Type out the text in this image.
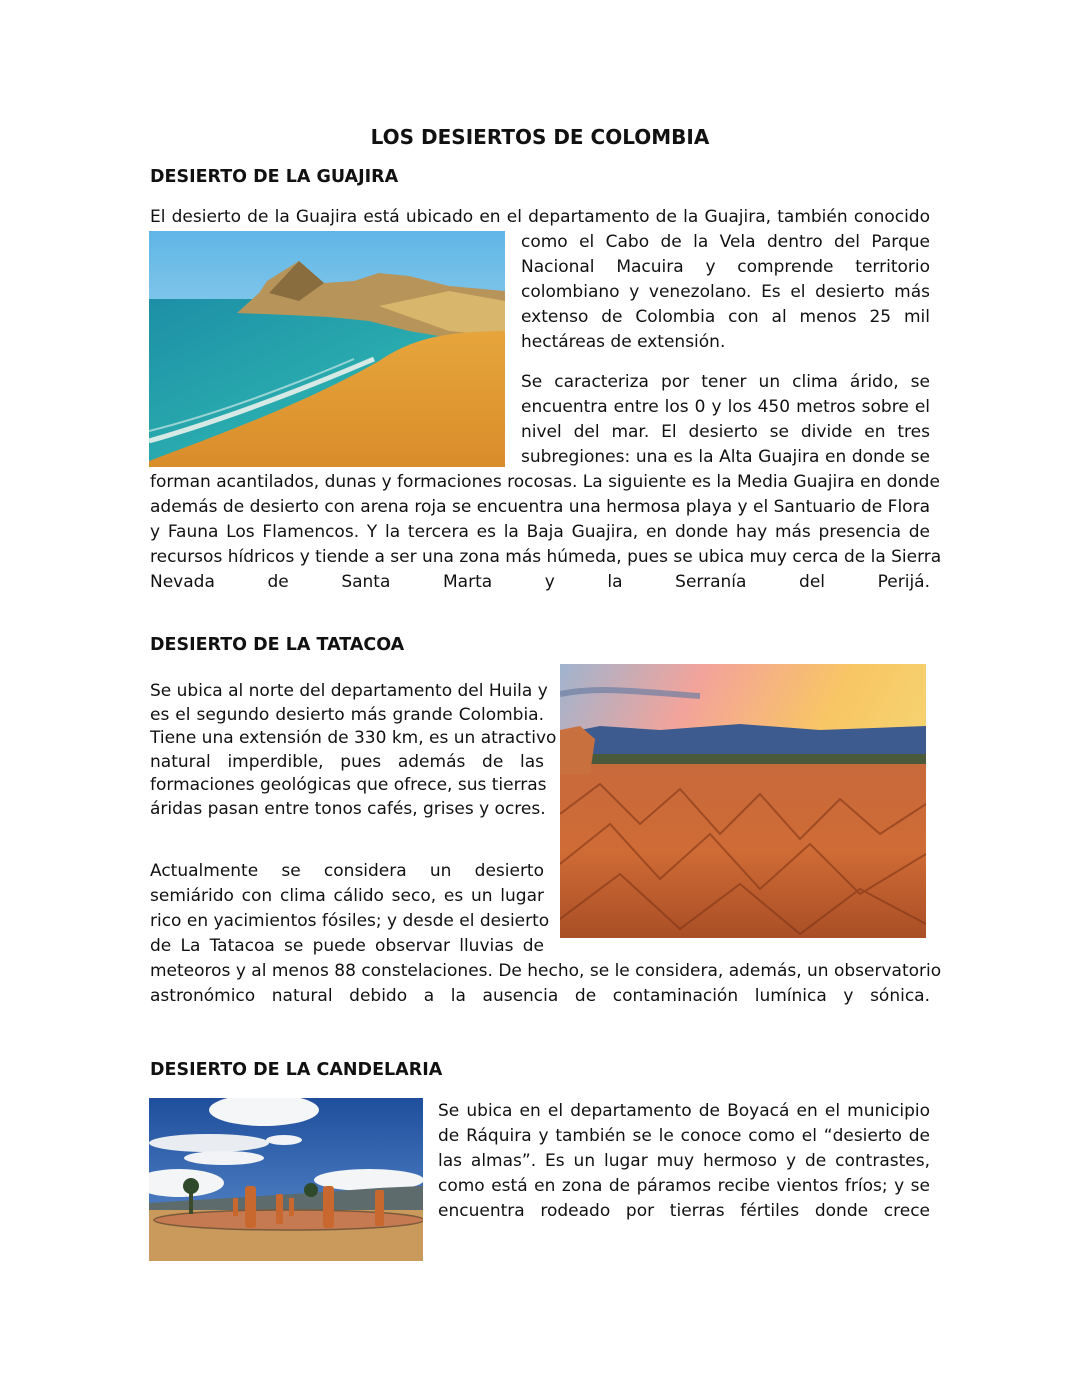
LOS DESIERTOS DE COLOMBIA
DESIERTO DE LA GUAJIRA
El desierto de la Guajira está ubicado en el departamento de la Guajira, también conocido
como el Cabo de la Vela dentro del Parque
Nacional Macuira y comprende territorio
colombiano y venezolano. Es el desierto más
extenso de Colombia con al menos 25 mil
hectáreas de extensión.
Se caracteriza por tener un clima árido, se
encuentra entre los 0 y los 450 metros sobre el
nivel del mar. El desierto se divide en tres
subregiones: una es la Alta Guajira en donde se
forman acantilados, dunas y formaciones rocosas. La siguiente es la Media Guajira en donde
además de desierto con arena roja se encuentra una hermosa playa y el Santuario de Flora
y Fauna Los Flamencos. Y la tercera es la Baja Guajira, en donde hay más presencia de
recursos hídricos y tiende a ser una zona más húmeda, pues se ubica muy cerca de la Sierra
Nevada de Santa Marta y la Serranía del Perijá.
DESIERTO DE LA TATACOA
Se ubica al norte del departamento del Huila y
es el segundo desierto más grande Colombia.
Tiene una extensión de 330 km, es un atractivo
natural imperdible, pues además de las
formaciones geológicas que ofrece, sus tierras
áridas pasan entre tonos cafés, grises y ocres.
Actualmente se considera un desierto
semiárido con clima cálido seco, es un lugar
rico en yacimientos fósiles; y desde el desierto
de La Tatacoa se puede observar lluvias de
meteoros y al menos 88 constelaciones. De hecho, se le considera, además, un observatorio
astronómico natural debido a la ausencia de contaminación lumínica y sónica.
DESIERTO DE LA CANDELARIA
Se ubica en el departamento de Boyacá en el municipio
de Ráquira y también se le conoce como el “desierto de
las almas”. Es un lugar muy hermoso y de contrastes,
como está en zona de páramos recibe vientos fríos; y se
encuentra rodeado por tierras fértiles donde crece
